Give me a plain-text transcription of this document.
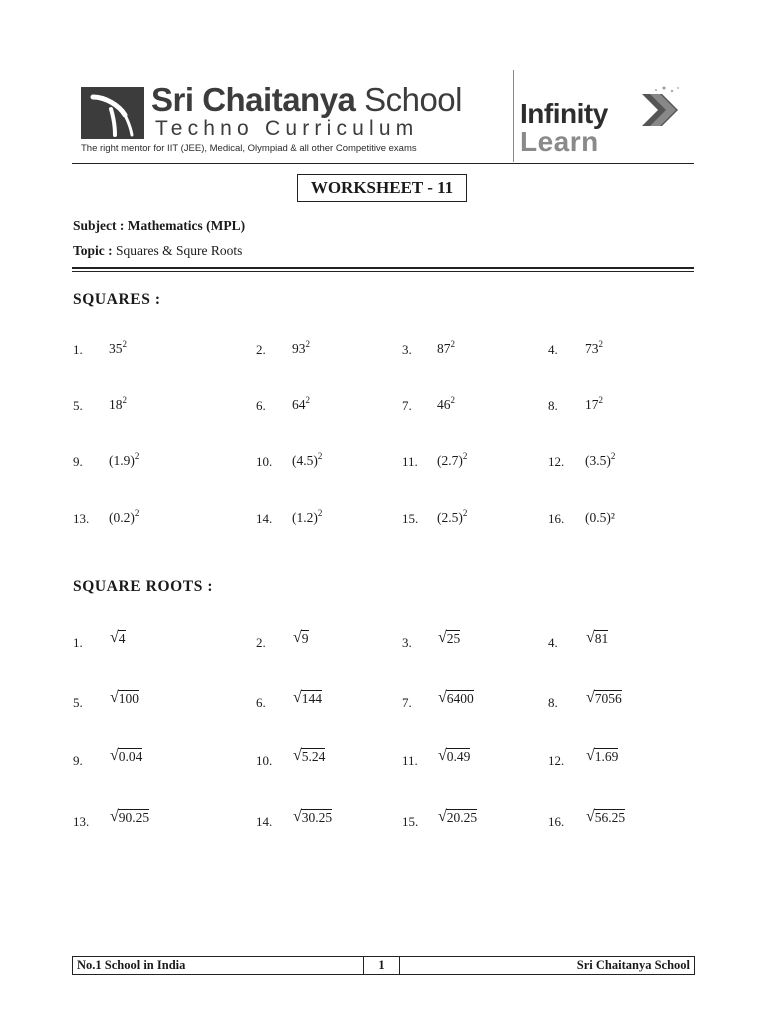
Sri Chaitanya School
Techno Curriculum
The right mentor for IIT (JEE), Medical, Olympiad & all other Competitive exams
Infinity
Learn
WORKSHEET - 11
Subject : Mathematics (MPL)
Topic : Squares & Squre Roots
SQUARES :
1. $35^2$	2. $93^2$	3. $87^2$	4. $73^2$
5. $18^2$	6. $64^2$	7. $46^2$	8. $17^2$
9. $(1.9)^2$	10. $(4.5)^2$	11. $(2.7)^2$	12. $(3.5)^2$
13. $(0.2)^2$	14. $(1.2)^2$	15. $(2.5)^2$	16. (0.5)²
SQUARE ROOTS :
1. √ 4	2. √ 9	3. √ 25	4. √ 81
5. √ 100	6. √ 144	7. √ 6400	8. √ 7056
9. √ 0.04	10. √ 5.24	11. √ 0.49	12. √ 1.69
13. √ 90.25	14. √ 30.25	15. √ 20.25	16. √ 56.25
No.1 School in India	1	Sri Chaitanya School
